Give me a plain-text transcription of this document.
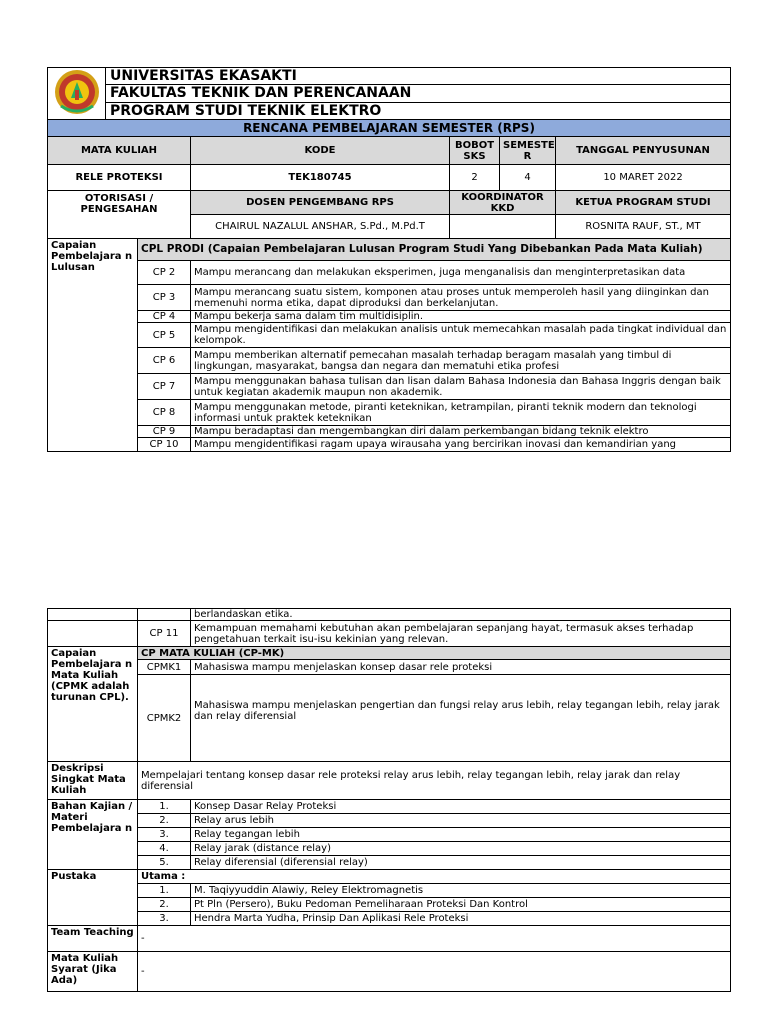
	UNIVERSITAS EKASAKTI
FAKULTAS TEKNIK DAN PERENCANAAN
PROGRAM STUDI TEKNIK ELEKTRO
RENCANA PEMBELAJARAN SEMESTER (RPS)					
MATA KULIAH		KODE	BOBOT SKS	SEMESTE R	TANGGAL PENYUSUNAN
RELE PROTEKSI		TEK180745	2	4	10 MARET 2022
OTORISASI / PENGESAHAN		DOSEN PENGEMBANG RPS	KOORDINATOR KKD		KETUA PROGRAM STUDI
		CHAIRUL NAZALUL ANSHAR, S.Pd., M.Pd.T			ROSNITA RAUF, ST., MT
Capaian Pembelajara n Lulusan	CPL PRODI (Capaian Pembelajaran Lulusan Program Studi Yang Dibebankan Pada Mata Kuliah)				
	CP 2	Mampu merancang dan melakukan eksperimen, juga menganalisis dan menginterpretasikan data			
	CP 3	Mampu merancang suatu sistem, komponen atau proses untuk memperoleh hasil yang diinginkan dan memenuhi norma etika, dapat diproduksi dan berkelanjutan.			
	CP 4	Mampu bekerja sama dalam tim multidisiplin.			
	CP 5	Mampu mengidentifikasi dan melakukan analisis untuk memecahkan masalah pada tingkat individual dan kelompok.			
	CP 6	Mampu memberikan alternatif pemecahan masalah terhadap beragam masalah yang timbul di lingkungan, masyarakat, bangsa dan negara dan mematuhi etika profesi			
	CP 7	Mampu menggunakan bahasa tulisan dan lisan dalam Bahasa Indonesia dan Bahasa Inggris dengan baik untuk kegiatan akademik maupun non akademik.			
	CP 8	Mampu menggunakan metode, piranti keteknikan, ketrampilan, piranti teknik modern dan teknologi informasi untuk praktek keteknikan			
	CP 9	Mampu beradaptasi dan mengembangkan diri dalam perkembangan bidang teknik elektro			
	CP 10	Mampu mengidentifikasi ragam upaya wirausaha yang bercirikan inovasi dan kemandirian yang			
		berlandaskan etika.
	CP 11	Kemampuan memahami kebutuhan akan pembelajaran sepanjang hayat, termasuk akses terhadap pengetahuan terkait isu-isu kekinian yang relevan.
Capaian Pembelajara n Mata Kuliah (CPMK adalah turunan CPL).	CP MATA KULIAH (CP-MK)	
	CPMK1	Mahasiswa mampu menjelaskan konsep dasar rele proteksi
	CPMK2	Mahasiswa mampu menjelaskan pengertian dan fungsi relay arus lebih, relay tegangan lebih, relay jarak dan relay diferensial
Deskripsi Singkat Mata Kuliah	Mempelajari tentang konsep dasar rele proteksi relay arus lebih, relay tegangan lebih, relay jarak dan relay diferensial	
Bahan Kajian / Materi Pembelajara n	1.	Konsep Dasar Relay Proteksi
	2.	Relay arus lebih
	3.	Relay tegangan lebih
	4.	Relay jarak (distance relay)
	5.	Relay diferensial (diferensial relay)
Pustaka	Utama :	
	1.	M. Taqiyyuddin Alawiy, Reley Elektromagnetis
	2.	Pt Pln (Persero), Buku Pedoman Pemeliharaan Proteksi Dan Kontrol
	3.	Hendra Marta Yudha, Prinsip Dan Aplikasi Rele Proteksi
Team Teaching	-	
Mata Kuliah Syarat (Jika Ada)	-	
